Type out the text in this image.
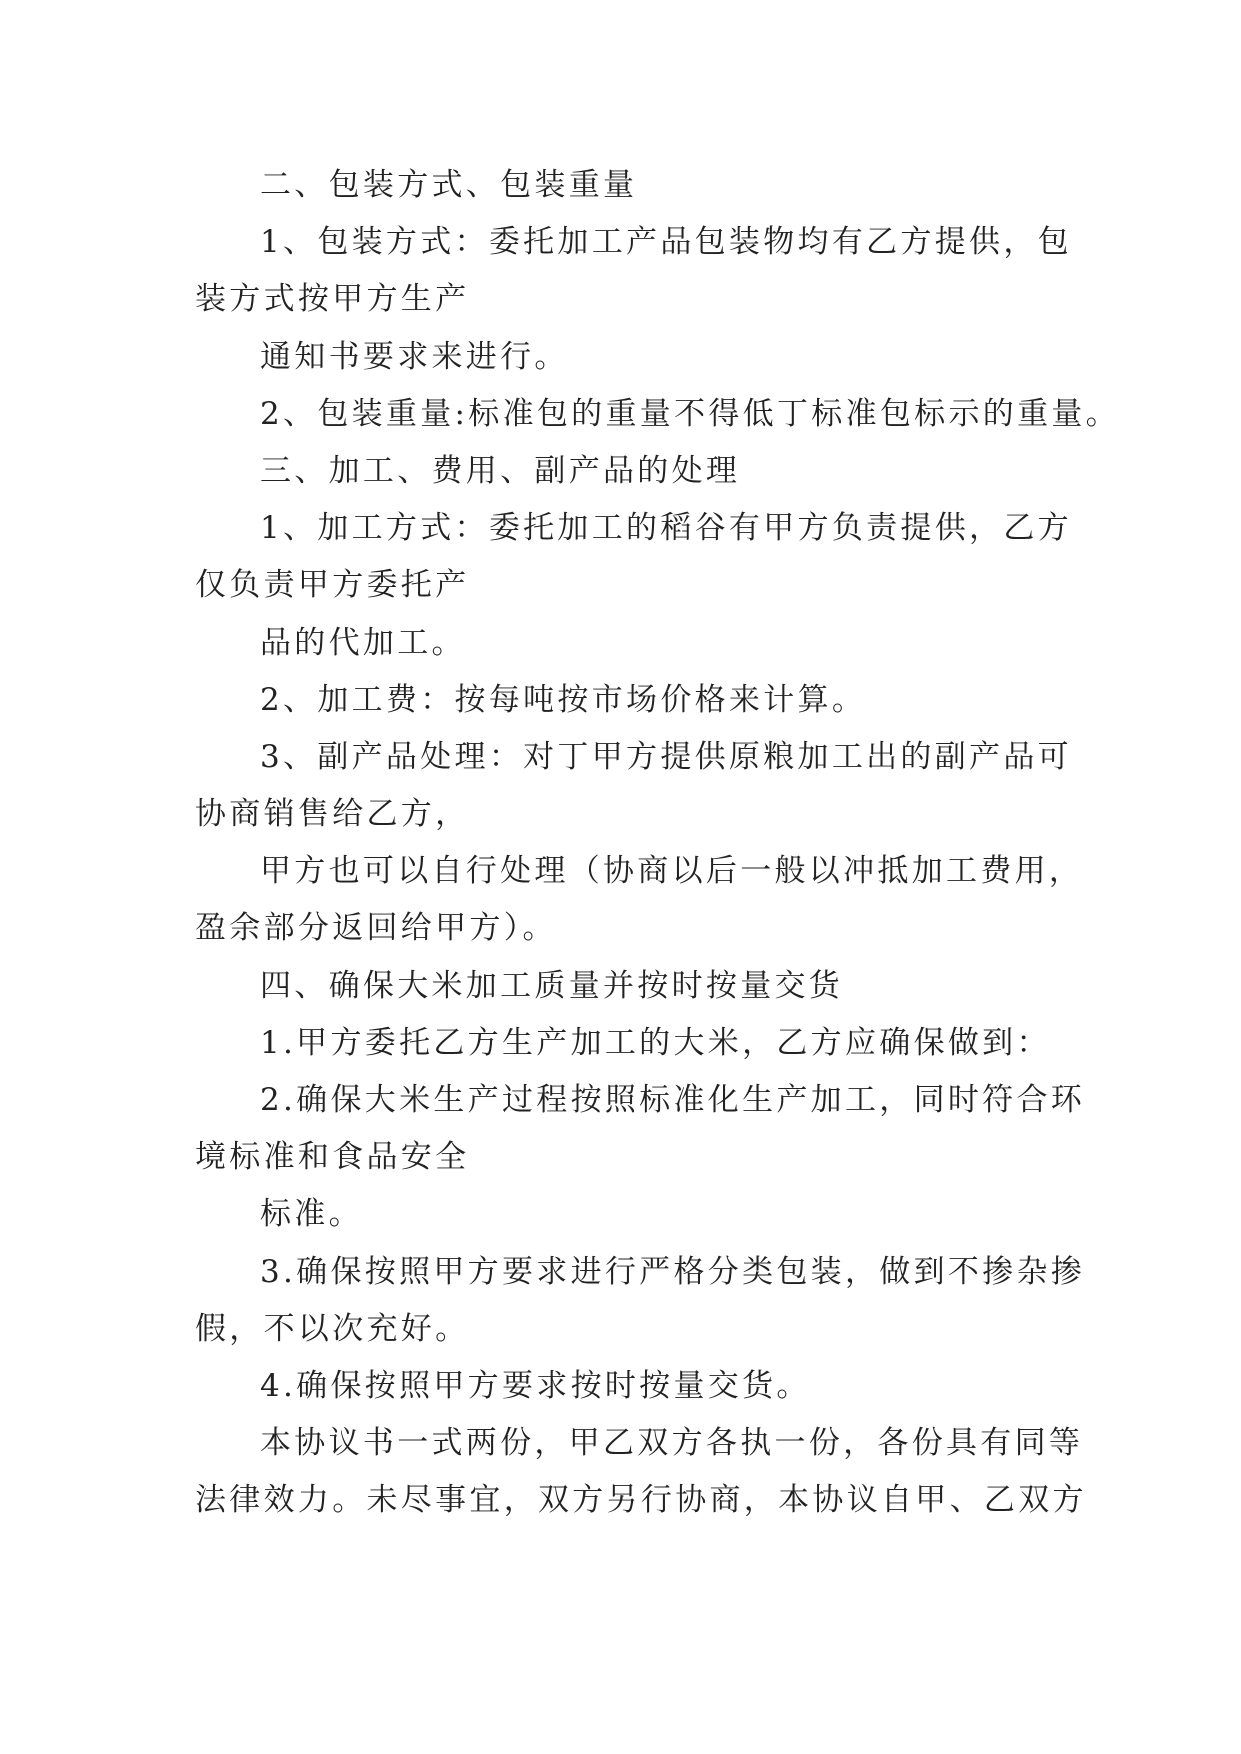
二、包装方式、包装重量
1、包装方式：委托加工产品包装物均有乙方提供，包
装方式按甲方生产
通知书要求来进行。
2、包装重量:标准包的重量不得低丁标准包标示的重量。
三、加工、费用、副产品的处理
1、加工方式：委托加工的稻谷有甲方负责提供，乙方
仅负责甲方委托产
品的代加工。
2、加工费：按每吨按市场价格来计算。
3、副产品处理：对丁甲方提供原粮加工出的副产品可
协商销售给乙方，
甲方也可以自行处理（协商以后一般以冲抵加工费用，
盈余部分返回给甲方）。
四、确保大米加工质量并按时按量交货
1.甲方委托乙方生产加工的大米，乙方应确保做到：
2.确保大米生产过程按照标准化生产加工，同时符合环
境标准和食品安全
标准。
3.确保按照甲方要求进行严格分类包装，做到不掺杂掺
假，不以次充好。
4.确保按照甲方要求按时按量交货。
本协议书一式两份，甲乙双方各执一份，各份具有同等
法律效力。未尽事宜，双方另行协商，本协议自甲、乙双方
